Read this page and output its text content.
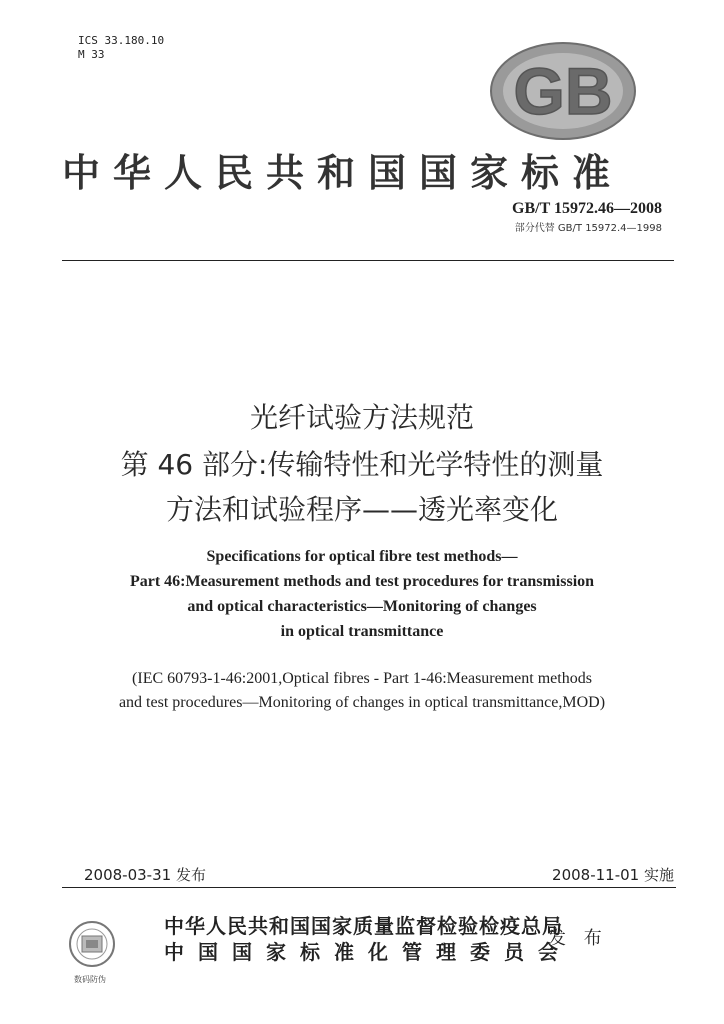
ICS 33.180.10
M 33	GB
中华人民共和国国家标准
GB/T 15972.46—2008
部分代替 GB/T 15972.4—1998
光纤试验方法规范
第 46 部分:传输特性和光学特性的测量
方法和试验程序——透光率变化
Specifications for optical fibre test methods—
Part 46:Measurement methods and test procedures for transmission
and optical characteristics—Monitoring of changes
in optical transmittance
(IEC 60793-1-46:2001,Optical fibres - Part 1-46:Measurement methods
and test procedures—Monitoring of changes in optical transmittance,MOD)
2008-03-31 发布	2008-11-01 实施
数码防伪
中华人民共和国国家质量监督检验检疫总局
中国国家标准化管理委员会
发 布
